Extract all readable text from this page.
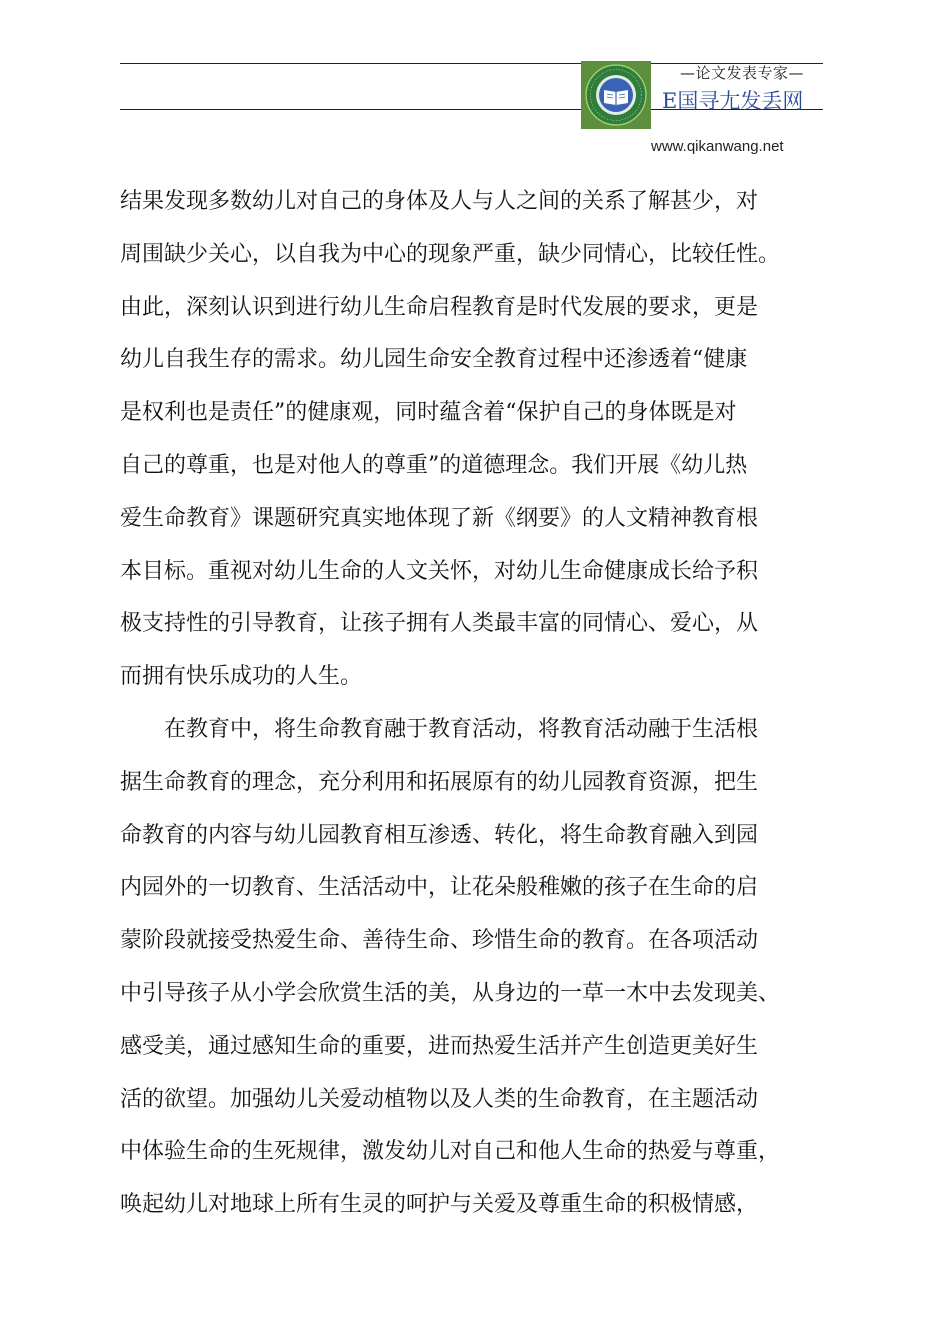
—论文发表专家—
E国寻尢发丢网
www.qikanwang.net
结果发现多数幼儿对自己的身体及人与人之间的关系了解甚少，对
周围缺少关心，以自我为中心的现象严重，缺少同情心，比较任性。
由此，深刻认识到进行幼儿生命启程教育是时代发展的要求，更是
幼儿自我生存的需求。幼儿园生命安全教育过程中还渗透着“健康
是权利也是责任”的健康观，同时蕴含着“保护自己的身体既是对
自己的尊重，也是对他人的尊重”的道德理念。我们开展《幼儿热
爱生命教育》课题研究真实地体现了新《纲要》的人文精神教育根
本目标。重视对幼儿生命的人文关怀，对幼儿生命健康成长给予积
极支持性的引导教育，让孩子拥有人类最丰富的同情心、爱心，从
而拥有快乐成功的人生。
　　在教育中，将生命教育融于教育活动，将教育活动融于生活根
据生命教育的理念，充分利用和拓展原有的幼儿园教育资源，把生
命教育的内容与幼儿园教育相互渗透、转化，将生命教育融入到园
内园外的一切教育、生活活动中，让花朵般稚嫩的孩子在生命的启
蒙阶段就接受热爱生命、善待生命、珍惜生命的教育。在各项活动
中引导孩子从小学会欣赏生活的美，从身边的一草一木中去发现美、
感受美，通过感知生命的重要，进而热爱生活并产生创造更美好生
活的欲望。加强幼儿关爱动植物以及人类的生命教育，在主题活动
中体验生命的生死规律，激发幼儿对自己和他人生命的热爱与尊重，
唤起幼儿对地球上所有生灵的呵护与关爱及尊重生命的积极情感，
